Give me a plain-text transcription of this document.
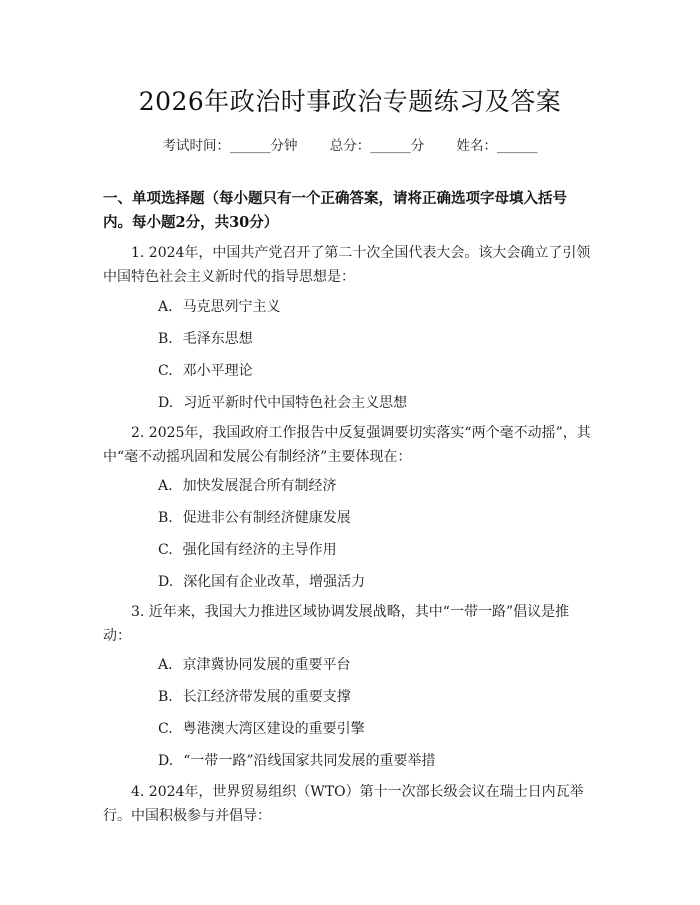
2026年政治时事政治专题练习及答案
考试时间：______分钟 总分：______分 姓名：______
一、单项选择题（每小题只有一个正确答案，请将正确选项字母填入括号内。每小题2分，共30分）
1. 2024年，中国共产党召开了第二十次全国代表大会。该大会确立了引领中国特色社会主义新时代的指导思想是：
A. 马克思列宁主义
B. 毛泽东思想
C. 邓小平理论
D. 习近平新时代中国特色社会主义思想
2. 2025年，我国政府工作报告中反复强调要切实落实“两个毫不动摇”，其中“毫不动摇巩固和发展公有制经济”主要体现在：
A. 加快发展混合所有制经济
B. 促进非公有制经济健康发展
C. 强化国有经济的主导作用
D. 深化国有企业改革，增强活力
3. 近年来，我国大力推进区域协调发展战略，其中“一带一路”倡议是推动：
A. 京津冀协同发展的重要平台
B. 长江经济带发展的重要支撑
C. 粤港澳大湾区建设的重要引擎
D. “一带一路”沿线国家共同发展的重要举措
4. 2024年，世界贸易组织（WTO）第十一次部长级会议在瑞士日内瓦举行。中国积极参与并倡导：
